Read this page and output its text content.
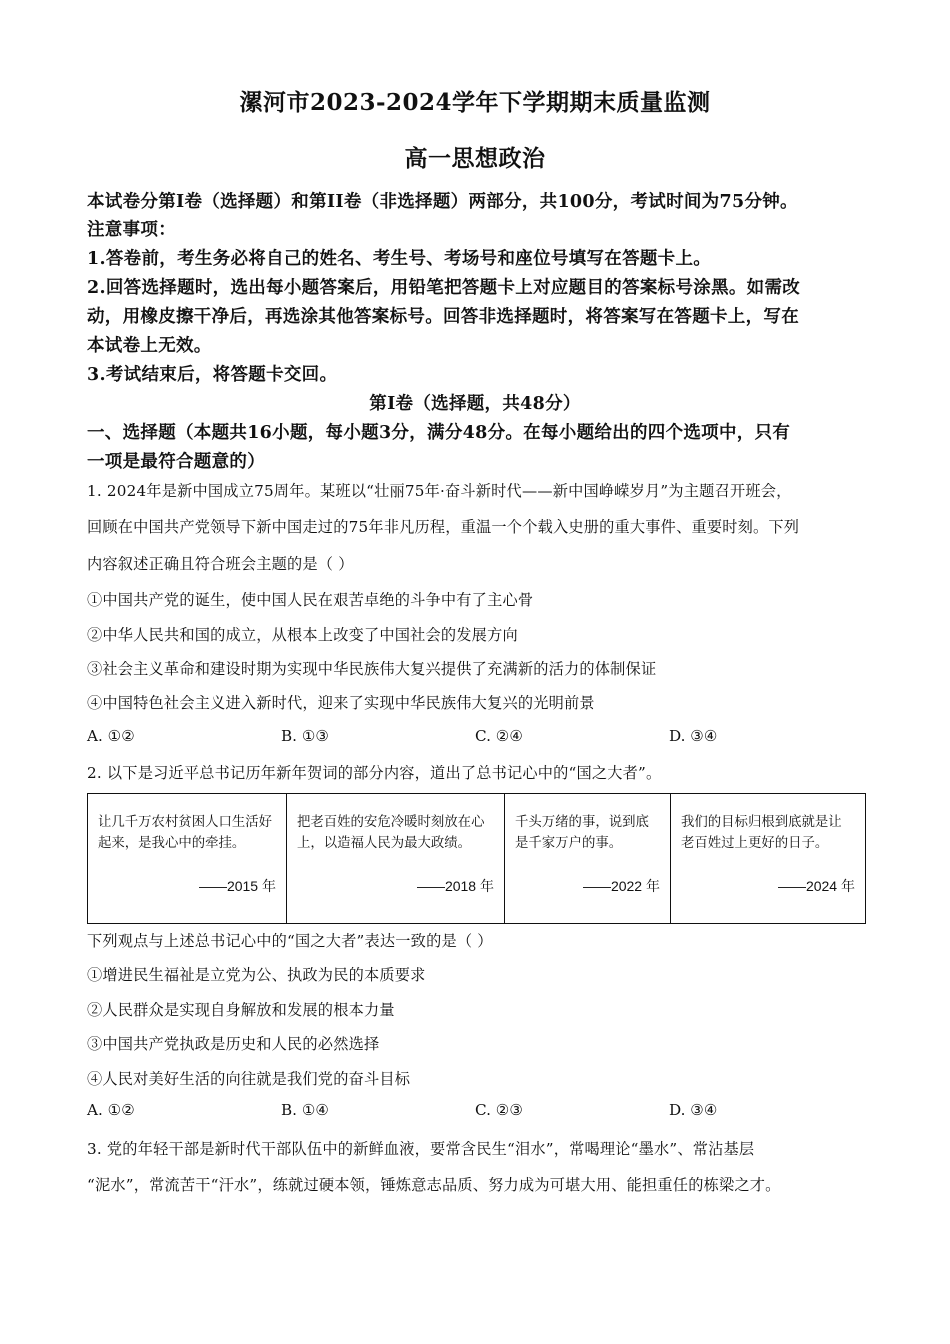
漯河市2023-2024学年下学期期末质量监测
高一思想政治
本试卷分第I卷（选择题）和第II卷（非选择题）两部分，共100分，考试时间为75分钟。
注意事项：
1.答卷前，考生务必将自己的姓名、考生号、考场号和座位号填写在答题卡上。
2.回答选择题时，选出每小题答案后，用铅笔把答题卡上对应题目的答案标号涂黑。如需改
动，用橡皮擦干净后，再选涂其他答案标号。回答非选择题时，将答案写在答题卡上，写在
本试卷上无效。
3.考试结束后，将答题卡交回。
第I卷（选择题，共48分）
一、选择题（本题共16小题，每小题3分，满分48分。在每小题给出的四个选项中，只有
一项是最符合题意的）
1. 2024年是新中国成立75周年。某班以“壮丽75年·奋斗新时代——新中国峥嵘岁月”为主题召开班会，
回顾在中国共产党领导下新中国走过的75年非凡历程，重温一个个载入史册的重大事件、重要时刻。下列
内容叙述正确且符合班会主题的是（ ）
①中国共产党的诞生，使中国人民在艰苦卓绝的斗争中有了主心骨
②中华人民共和国的成立，从根本上改变了中国社会的发展方向
③社会主义革命和建设时期为实现中华民族伟大复兴提供了充满新的活力的体制保证
④中国特色社会主义进入新时代，迎来了实现中华民族伟大复兴的光明前景
A. ①②	B. ①③	C. ②④	D. ③④
2. 以下是习近平总书记历年新年贺词的部分内容，道出了总书记心中的“国之大者”。
让几千万农村贫困人口生活好起来，是我心中的牵挂。
——2015 年

把老百姓的安危冷暖时刻放在心上，以造福人民为最大政绩。
——2018 年

千头万绪的事，说到底是千家万户的事。
——2022 年

我们的目标归根到底就是让老百姓过上更好的日子。
——2024 年
下列观点与上述总书记心中的“国之大者”表达一致的是（ ）
①增进民生福祉是立党为公、执政为民的本质要求
②人民群众是实现自身解放和发展的根本力量
③中国共产党执政是历史和人民的必然选择
④人民对美好生活的向往就是我们党的奋斗目标
A. ①②	B. ①④	C. ②③	D. ③④
3. 党的年轻干部是新时代干部队伍中的新鲜血液，要常含民生“泪水”，常喝理论“墨水”、常沾基层
“泥水”，常流苦干“汗水”，练就过硬本领，锤炼意志品质、努力成为可堪大用、能担重任的栋梁之才。
